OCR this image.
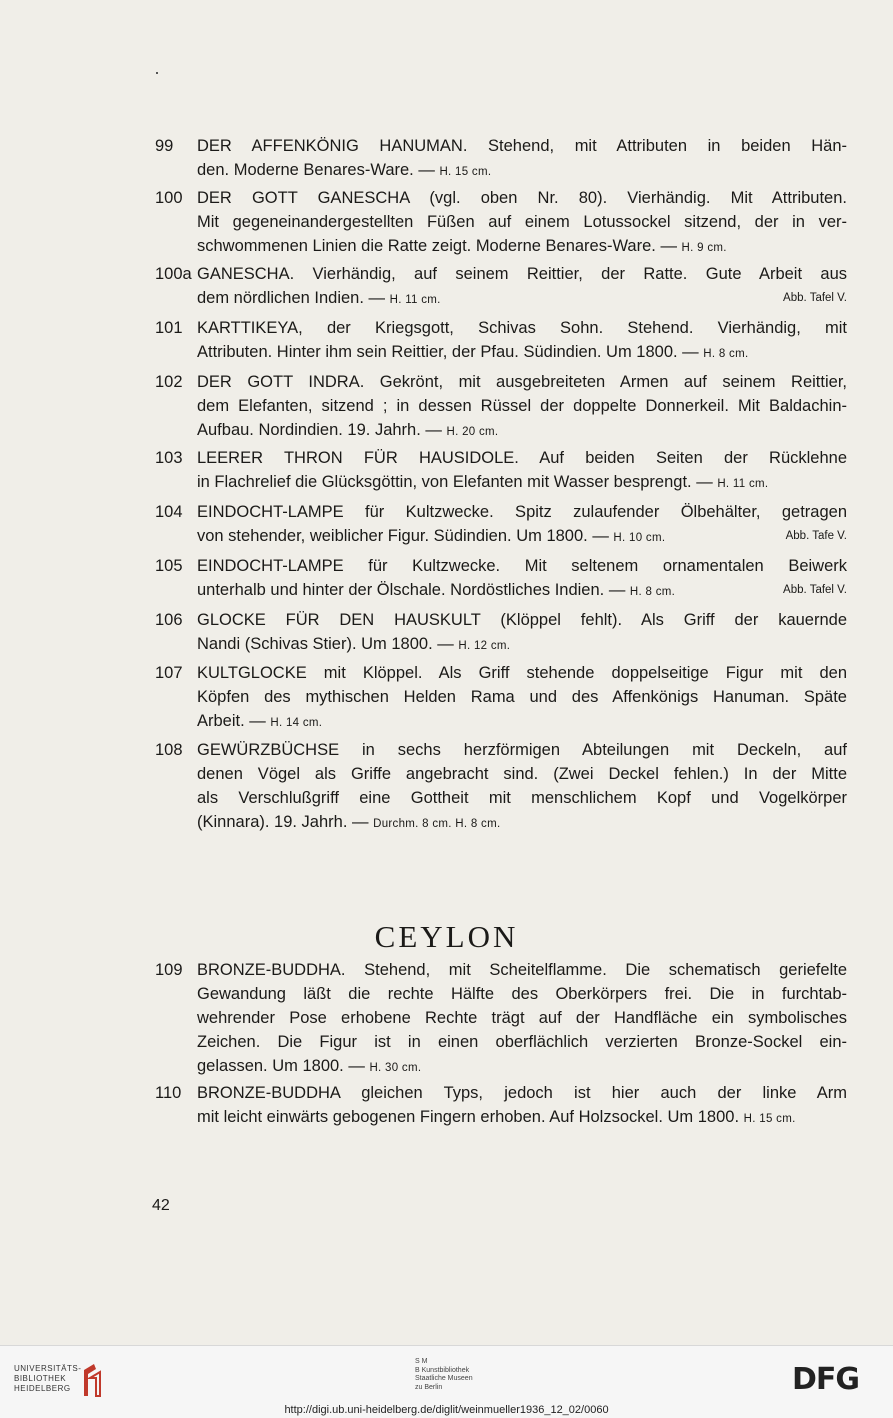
99	DER AFFENKÖNIG HANUMAN. Stehend, mit Attributen in beiden Hän-
den. Moderne Benares-Ware. — H. 15 cm.
100 DER GOTT GANESCHA (vgl. oben Nr. 80). Vierhändig. Mit Attributen.
Mit gegeneinandergestellten Füßen auf einem Lotussockel sitzend, der in ver-
schwommenen Linien die Ratte zeigt. Moderne Benares-Ware. — H. 9 cm.
100a GANESCHA. Vierhändig, auf seinem Reittier, der Ratte. Gute Arbeit aus
dem nördlichen Indien. — H. 11 cm.	Abb. Tafel V.
101 KARTTIKEYA, der Kriegsgott, Schivas Sohn. Stehend. Vierhändig, mit
Attributen. Hinter ihm sein Reittier, der Pfau. Südindien. Um 1800. — H. 8 cm.
102 DER GOTT INDRA. Gekrönt, mit ausgebreiteten Armen auf seinem Reittier,
dem Elefanten, sitzend ; in dessen Rüssel der doppelte Donnerkeil. Mit Baldachin-
Aufbau. Nordindien. 19. Jahrh. — H. 20 cm.
103 LEERER THRON FÜR HAUSIDOLE. Auf beiden Seiten der Rücklehne
in Flachrelief die Glücksgöttin, von Elefanten mit Wasser besprengt. — H. 11 cm.
104 EINDOCHT-LAMPE für Kultzwecke. Spitz zulaufender Ölbehälter, getragen
von stehender, weiblicher Figur. Südindien. Um 1800. — H. 10 cm.	Abb. Tafe V.
105 EINDOCHT-LAMPE für Kultzwecke. Mit seltenem ornamentalen Beiwerk
unterhalb und hinter der Ölschale. Nordöstliches Indien. — H. 8 cm.	Abb. Tafel V.
106 GLOCKE FÜR DEN HAUSKULT (Klöppel fehlt). Als Griff der kauernde
Nandi (Schivas Stier). Um 1800. — H. 12 cm.
107 KULTGLOCKE mit Klöppel. Als Griff stehende doppelseitige Figur mit den
Köpfen des mythischen Helden Rama und des Affenkönigs Hanuman. Späte
Arbeit. — H. 14 cm.
108 GEWÜRZBÜCHSE in sechs herzförmigen Abteilungen mit Deckeln, auf
denen Vögel als Griffe angebracht sind. (Zwei Deckel fehlen.) In der Mitte
als Verschlußgriff eine Gottheit mit menschlichem Kopf und Vogelkörper
(Kinnara). 19. Jahrh. — Durchm. 8 cm. H. 8 cm.
CEYLON
109 BRONZE-BUDDHA. Stehend, mit Scheitelflamme. Die schematisch geriefelte
Gewandung läßt die rechte Hälfte des Oberkörpers frei. Die in furchtab-
wehrender Pose erhobene Rechte trägt auf der Handfläche ein symbolisches
Zeichen. Die Figur ist in einen oberflächlich verzierten Bronze-Sockel ein-
gelassen. Um 1800. — H. 30 cm.
110 BRONZE-BUDDHA gleichen Typs, jedoch ist hier auch der linke Arm
mit leicht einwärts gebogenen Fingern erhoben. Auf Holzsockel. Um 1800. H. 15 cm.
42
UNIVERSITÄTS-
BIBLIOTHEK
HEIDELBERG
S M
B Kunstbibliothek
Staatliche Museen
zu Berlin	DFG
http://digi.ub.uni-heidelberg.de/diglit/weinmueller1936_12_02/0060
